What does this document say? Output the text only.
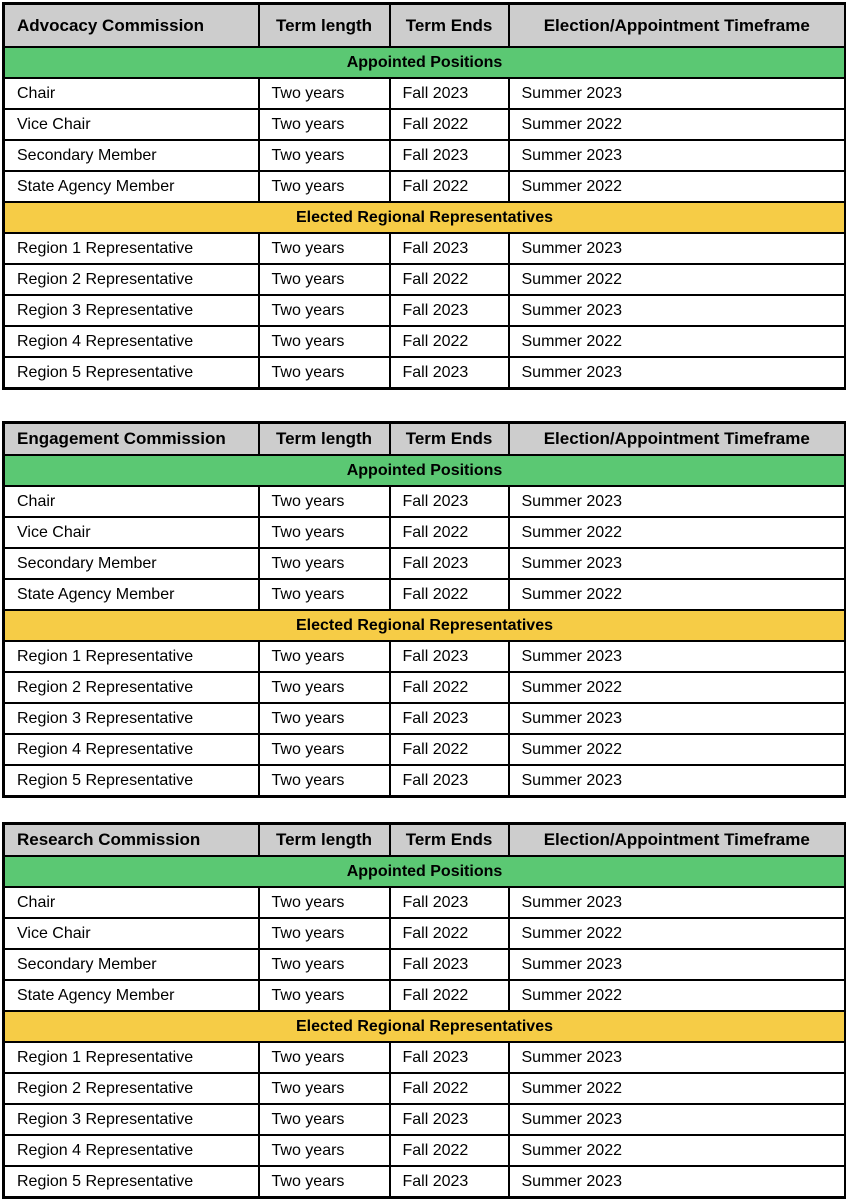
Advocacy Commission	Term length	Term Ends	Election/Appointment Timeframe
Appointed Positions			
Chair	Two years	Fall 2023	Summer 2023
Vice Chair	Two years	Fall 2022	Summer 2022
Secondary Member	Two years	Fall 2023	Summer 2023
State Agency Member	Two years	Fall 2022	Summer 2022
Elected Regional Representatives			
Region 1 Representative	Two years	Fall 2023	Summer 2023
Region 2 Representative	Two years	Fall 2022	Summer 2022
Region 3 Representative	Two years	Fall 2023	Summer 2023
Region 4 Representative	Two years	Fall 2022	Summer 2022
Region 5 Representative	Two years	Fall 2023	Summer 2023
Engagement Commission	Term length	Term Ends	Election/Appointment Timeframe
Appointed Positions			
Chair	Two years	Fall 2023	Summer 2023
Vice Chair	Two years	Fall 2022	Summer 2022
Secondary Member	Two years	Fall 2023	Summer 2023
State Agency Member	Two years	Fall 2022	Summer 2022
Elected Regional Representatives			
Region 1 Representative	Two years	Fall 2023	Summer 2023
Region 2 Representative	Two years	Fall 2022	Summer 2022
Region 3 Representative	Two years	Fall 2023	Summer 2023
Region 4 Representative	Two years	Fall 2022	Summer 2022
Region 5 Representative	Two years	Fall 2023	Summer 2023
Research Commission	Term length	Term Ends	Election/Appointment Timeframe
Appointed Positions			
Chair	Two years	Fall 2023	Summer 2023
Vice Chair	Two years	Fall 2022	Summer 2022
Secondary Member	Two years	Fall 2023	Summer 2023
State Agency Member	Two years	Fall 2022	Summer 2022
Elected Regional Representatives			
Region 1 Representative	Two years	Fall 2023	Summer 2023
Region 2 Representative	Two years	Fall 2022	Summer 2022
Region 3 Representative	Two years	Fall 2023	Summer 2023
Region 4 Representative	Two years	Fall 2022	Summer 2022
Region 5 Representative	Two years	Fall 2023	Summer 2023
